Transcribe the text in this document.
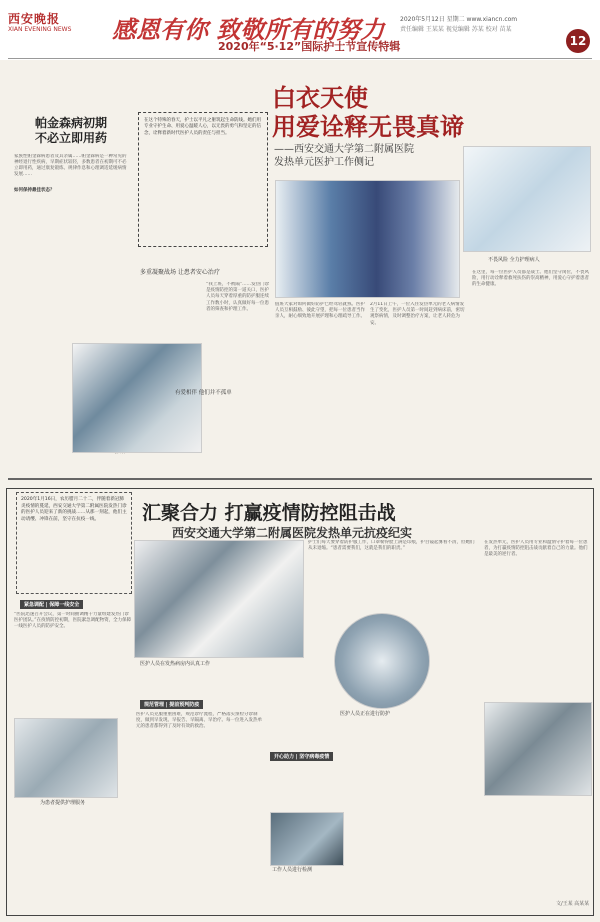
西安晚报
XIAN EVENING NEWS 感恩有你 致敬所有的努力
2020年“5·12”国际护士节宣传特辑
2020年5月12日 星期二 www.xiancn.com
责任编辑 王某某 视觉编辑 苏某 校对 苗某
12
帕金森病初期
不必立即用药
家族性帕金森病患者及其亲属……帕金森病是一种常见的神经退行性疾病，早期症状较轻，多数患者在初期可不必立即用药，通过康复锻炼、规律作息和心理调适延缓病情发展……
如何保持最佳状态？
在这个特殊的春天，护士以平凡之躯筑起生命防线。她们用专业守护生命、用爱心温暖人心，以无畏的勇气和坚定的信念，诠释着新时代医护人员的责任与担当。
白衣天使
用爱诠释无畏真谛
——西安交通大学第二附属医院
发热单元医护工作侧记
不畏风险 全力护理病人
多重凝聚战场 让患者安心治疗
“我上班，不被隔”……发热门诊是疫情防控的第一道关口，医护人员每天穿着厚重的防护服连续工作数小时，认真做好每一位患者的筛查和护理工作。
值班大家对如何做好防护已经驾轻就熟。医护人员互相鼓励、彼此守望，把每一位患者当作亲人，耐心细致地开展护理和心理疏导工作。
有爱相伴 他们并不孤单
2月11日上午，一位入住发热单元的老人病情发生了变化，医护人员第一时间赶到病床前，密切观察病情，及时调整治疗方案，让老人转危为安。
在这里，每一位医护人员都是战士。他们坚守岗位，不畏风险，用行动诠释着救死扶伤的崇高精神，用爱心守护着患者的生命健康。
汇聚合力 打赢疫情防控阻击战
西安交通大学第二附属医院发热单元抗疫纪实
2020年1月16日，农历腊月二十二，伴随着新冠肺炎疫情的蔓延，西安交通大学第二附属医院发热门诊的医护人员迎来了新的挑战……从那一刻起，他们主动请缨、冲锋在前，坚守在抗疫一线。
紧急调配 | 保障一线安全
“医院迅速召开会议，第一时间抽调精干力量组建发热门诊医护团队。”在疫情防控初期，医院紧急调配物资，全力保障一线医护人员的防护安全。
为患者提供护理服务
医护人员在发热病房内认真工作
规范管理 | 提前预判防疫
医护人员克服重重困难，规范诊疗流程，严格落实预检分诊制度，做到早发现、早报告、早隔离、早治疗。每一位进入发热单元的患者都得到了及时有效的救治。
护士们每天要穿着防护服工作，口罩勒得脸上满是印痕，护目镜起雾看不清，但她们从未退缩。“患者需要我们，这就是我们的职责。”
医护人员正在进行防护
开心助力 | 坚守病毒疫情
工作人员进行检测
在发热单元，医护人员用专业和温情守护着每一位患者，为打赢疫情防控阻击战贡献着自己的力量。他们是最美的逆行者。
文/王某 高某某
